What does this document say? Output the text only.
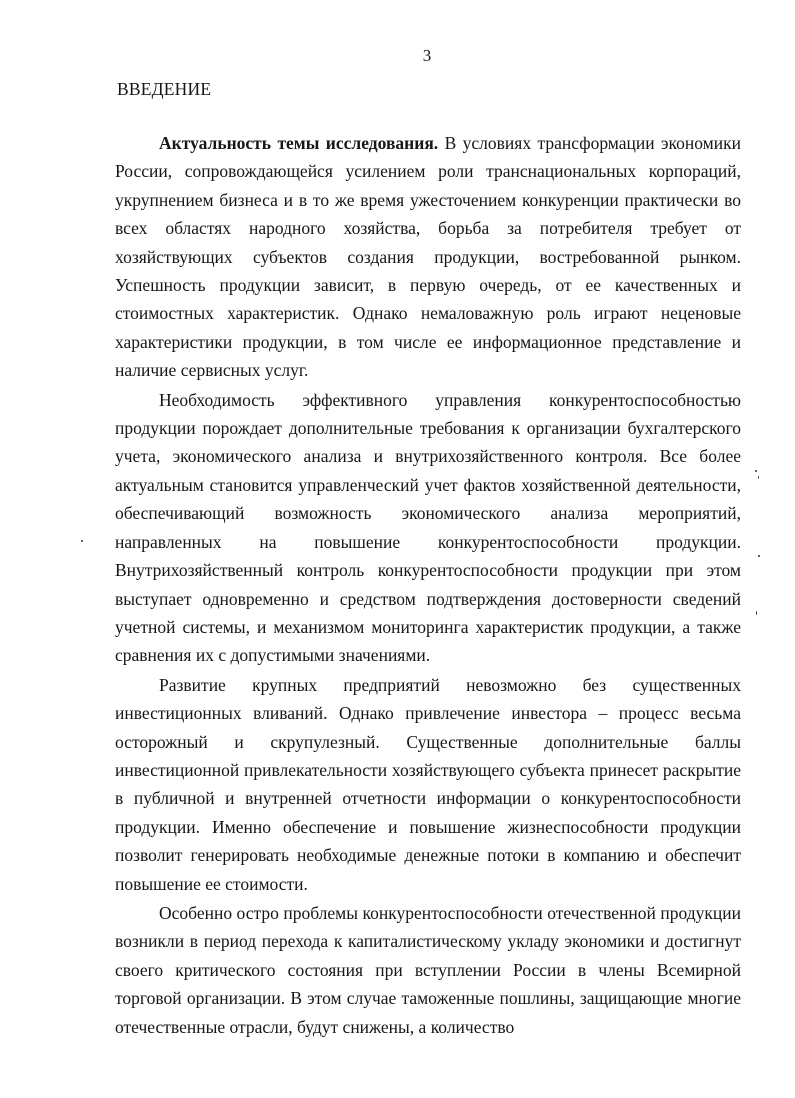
3
ВВЕДЕНИЕ

Актуальность темы исследования. В условиях трансформации экономики России, сопровождающейся усилением роли транснациональных корпораций, укрупнением бизнеса и в то же время ужесточением конкуренции практически во всех областях народного хозяйства, борьба за потребителя требует от хозяйствующих субъектов создания продукции, востребованной рынком. Успешность продукции зависит, в первую очередь, от ее качественных и стоимостных характеристик. Однако немаловажную роль играют неценовые характеристики продукции, в том числе ее информационное представление и наличие сервисных услуг.

Необходимость эффективного управления конкурентоспособностью продукции порождает дополнительные требования к организации бухгалтерского учета, экономического анализа и внутрихозяйственного контроля. Все более актуальным становится управленческий учет фактов хозяйственной деятельности, обеспечивающий возможность экономического анализа мероприятий, направленных на повышение конкурентоспособности продукции. Внутрихозяйственный контроль конкурентоспособности продукции при этом выступает одновременно и средством подтверждения достоверности сведений учетной системы, и механизмом мониторинга характеристик продукции, а также сравнения их с допустимыми значениями.

Развитие крупных предприятий невозможно без существенных инвестиционных вливаний. Однако привлечение инвестора – процесс весьма осторожный и скрупулезный. Существенные дополнительные баллы инвестиционной привлекательности хозяйствующего субъекта принесет раскрытие в публичной и внутренней отчетности информации о конкурентоспособности продукции. Именно обеспечение и повышение жизнеспособности продукции позволит генерировать необходимые денежные потоки в компанию и обеспечит повышение ее стоимости.

Особенно остро проблемы конкурентоспособности отечественной продукции возникли в период перехода к капиталистическому укладу экономики и достигнут своего критического состояния при вступлении России в члены Всемирной торговой организации. В этом случае таможенные пошлины, защищающие многие отечественные отрасли, будут снижены, а количество
